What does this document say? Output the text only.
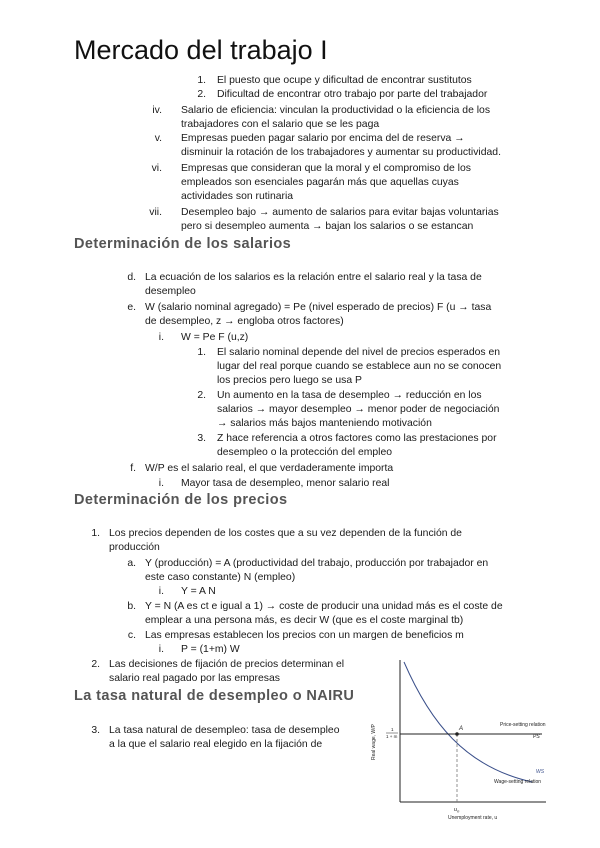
Mercado del trabajo I
1. El puesto que ocupe y dificultad de encontrar sustitutos
2. Dificultad de encontrar otro trabajo por parte del trabajador
iv. Salario de eficiencia: vinculan la productividad o la eficiencia de los
trabajadores con el salario que se les paga
v. Empresas pueden pagar salario por encima del de reserva →
disminuir la rotación de los trabajadores y aumentar su productividad.
vi. Empresas que consideran que la moral y el compromiso de los
empleados son esenciales pagarán más que aquellas cuyas
actividades son rutinaria
vii. Desempleo bajo → aumento de salarios para evitar bajas voluntarias
pero si desempleo aumenta → bajan los salarios o se estancan
Determinación de los salarios
d. La ecuación de los salarios es la relación entre el salario real y la tasa de
desempleo
e. W (salario nominal agregado) = Pe (nivel esperado de precios) F (u → tasa
de desempleo, z → engloba otros factores)
i. W = Pe F (u,z)
1. El salario nominal depende del nivel de precios esperados en
lugar del real porque cuando se establece aun no se conocen
los precios pero luego se usa P
2. Un aumento en la tasa de desempleo → reducción en los
salarios → mayor desempleo → menor poder de negociación
→ salarios más bajos manteniendo motivación
3. Z hace referencia a otros factores como las prestaciones por
desempleo o la protección del empleo
f. W/P es el salario real, el que verdaderamente importa
i. Mayor tasa de desempleo, menor salario real
Determinación de los precios
1. Los precios dependen de los costes que a su vez dependen de la función de
producción
a. Y (producción) = A (productividad del trabajo, producción por trabajador en
este caso constante) N (empleo)
i. Y = A N
b. Y = N (A es ct e igual a 1) → coste de producir una unidad más es el coste de
emplear a una persona más, es decir W (que es el coste marginal tb)
c. Las empresas establecen los precios con un margen de beneficios m
i. P = (1+m) W
2. Las decisiones de fijación de precios determinan el
salario real pagado por las empresas
La tasa natural de desempleo o NAIRU
3. La tasa natural de desempleo: tasa de desempleo
a la que el salario real elegido en la fijación de
A
Price-setting relation
PS
WS
Wage-setting relation
1
1 + m
Real wage, W/P
$u_n$
Unemployment rate, u
